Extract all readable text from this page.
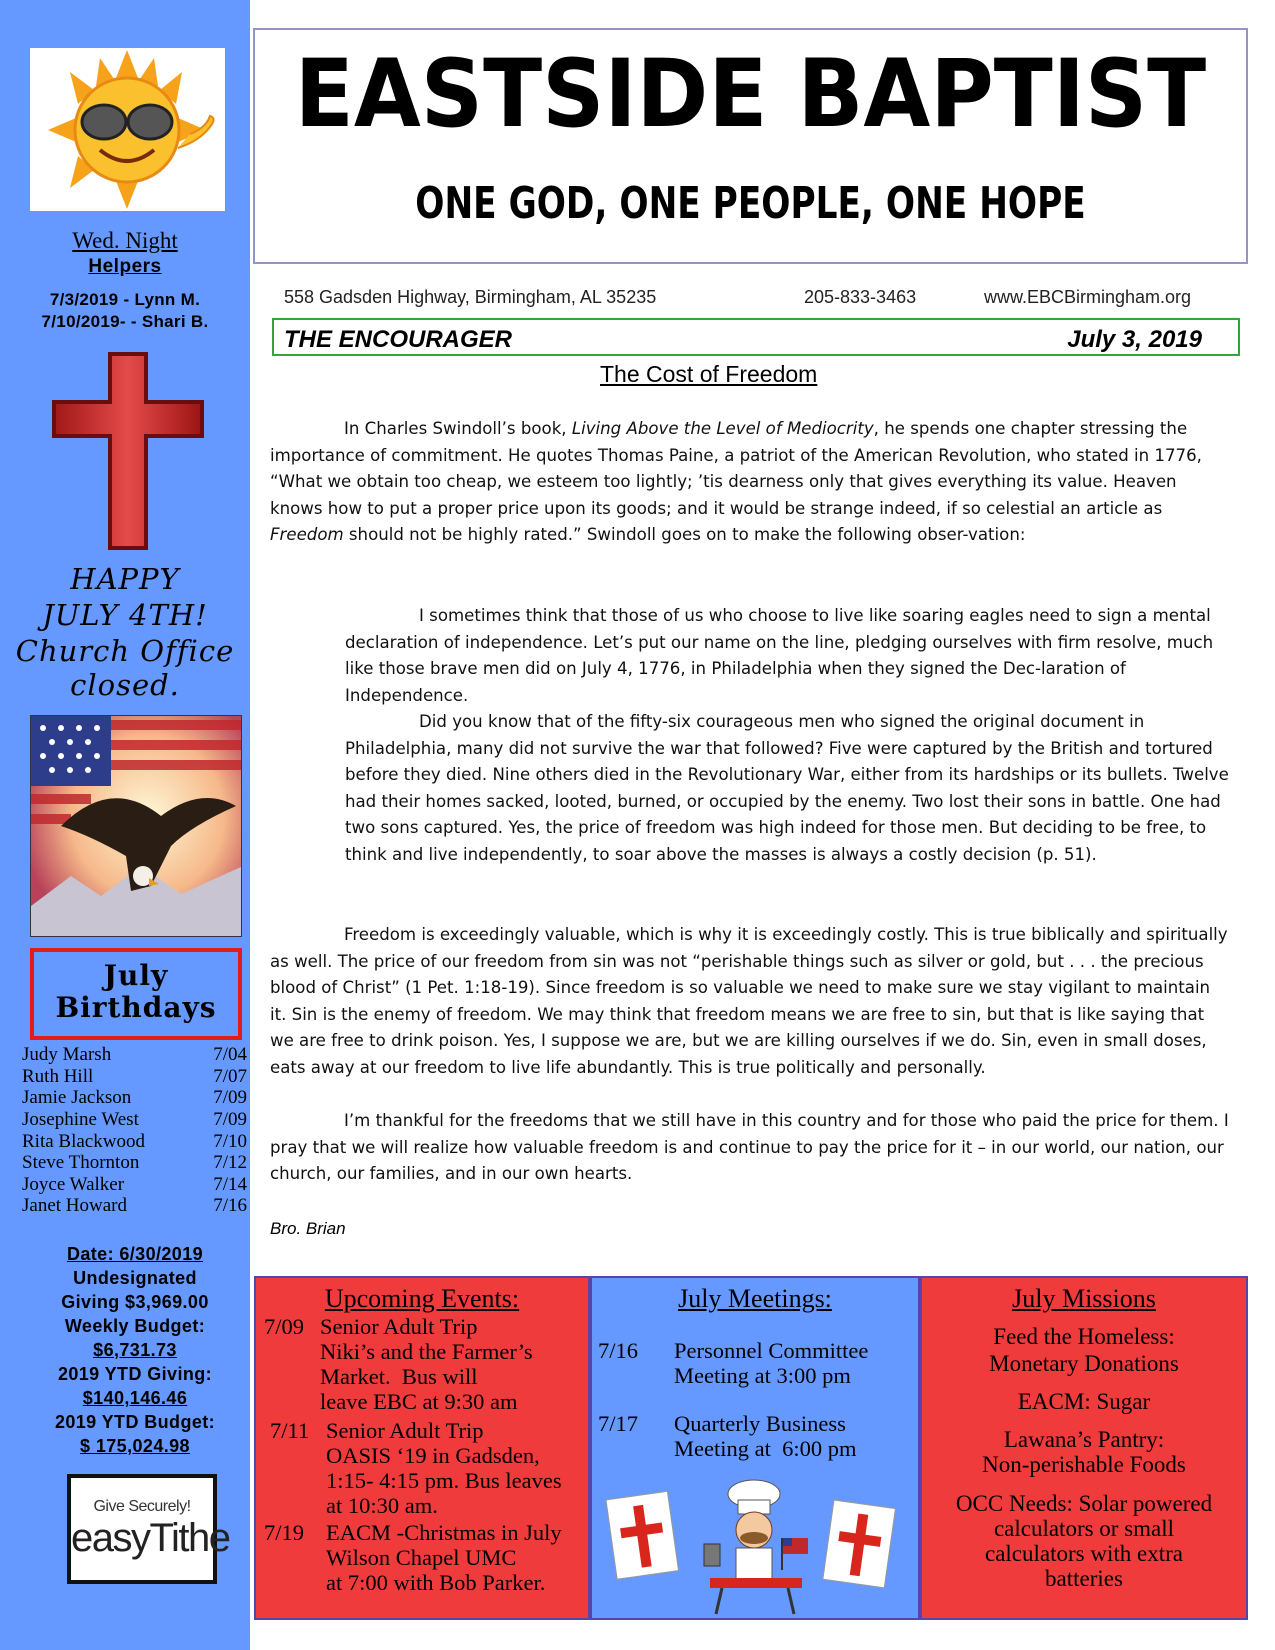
Wed. Night
Helpers
7/3/2019 - Lynn M.
7/10/2019- - Shari B.
HAPPY
JULY 4TH!
Church Office
closed.
July
Birthdays
Judy Marsh	7/04
Ruth Hill	7/07
Jamie Jackson	7/09
Josephine West	7/09
Rita Blackwood	7/10
Steve Thornton	7/12
Joyce Walker	7/14
Janet Howard	7/16
Date: 6/30/2019
Undesignated
Giving $3,969.00
Weekly Budget:
$6,731.73
2019 YTD Giving:
$140,146.46
2019 YTD Budget:
$ 175,024.98
Give Securely!
easyTithe
EASTSIDE BAPTIST
ONE GOD, ONE PEOPLE, ONE HOPE
558 Gadsden Highway, Birmingham, AL 35235	205-833-3463	www.EBCBirmingham.org
THE ENCOURAGER	July 3, 2019
The Cost of Freedom
In Charles Swindoll’s book, Living Above the Level of Mediocrity, he spends one chapter stressing the importance of commitment. He quotes Thomas Paine, a patriot of the American Revolution, who stated in 1776, “What we obtain too cheap, we esteem too lightly; ’tis dearness only that gives everything its value. Heaven knows how to put a proper price upon its goods; and it would be strange indeed, if so celestial an article as Freedom should not be highly rated.” Swindoll goes on to make the following obser-vation:
I sometimes think that those of us who choose to live like soaring eagles need to sign a mental declaration of independence. Let’s put our name on the line, pledging ourselves with firm resolve, much like those brave men did on July 4, 1776, in Philadelphia when they signed the Dec-laration of Independence.
Did you know that of the fifty-six courageous men who signed the original document in Philadelphia, many did not survive the war that followed? Five were captured by the British and tortured before they died. Nine others died in the Revolutionary War, either from its hardships or its bullets. Twelve had their homes sacked, looted, burned, or occupied by the enemy. Two lost their sons in battle. One had two sons captured. Yes, the price of freedom was high indeed for those men. But deciding to be free, to think and live independently, to soar above the masses is always a costly decision (p. 51).
Freedom is exceedingly valuable, which is why it is exceedingly costly. This is true biblically and spiritually as well. The price of our freedom from sin was not “perishable things such as silver or gold, but . . . the precious blood of Christ” (1 Pet. 1:18-19). Since freedom is so valuable we need to make sure we stay vigilant to maintain it. Sin is the enemy of freedom. We may think that freedom means we are free to sin, but that is like saying that we are free to drink poison. Yes, I suppose we are, but we are killing ourselves if we do. Sin, even in small doses, eats away at our freedom to live life abundantly. This is true politically and personally.
I’m thankful for the freedoms that we still have in this country and for those who paid the price for them. I pray that we will realize how valuable freedom is and continue to pay the price for it – in our world, our nation, our church, our families, and in our own hearts.
Bro. Brian
Upcoming Events:
7/09 Senior Adult Trip
Niki’s and the Farmer’s
Market.  Bus will
leave EBC at 9:30 am
7/11 Senior Adult Trip
OASIS ‘19 in Gadsden,
1:15- 4:15 pm. Bus leaves
at 10:30 am.
7/19 EACM -Christmas in July
Wilson Chapel UMC
at 7:00 with Bob Parker.
July Meetings:
7/16 Personnel Committee
Meeting at 3:00 pm
7/17 Quarterly Business
Meeting at  6:00 pm
July Missions
Feed the Homeless:
Monetary Donations
EACM: Sugar
Lawana’s Pantry:
Non-perishable Foods
OCC Needs: Solar powered
calculators or small
calculators with extra
batteries
